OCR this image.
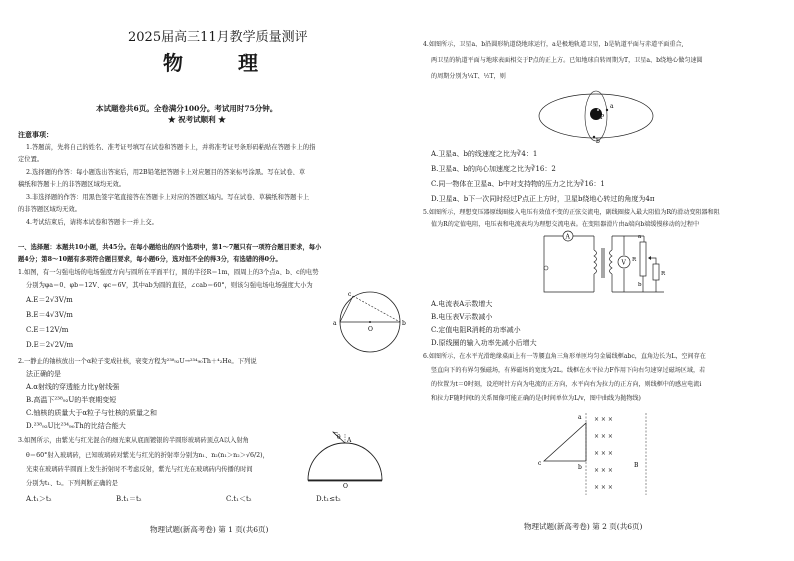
2025届高三11月教学质量测评
物 理
本试题卷共6页。全卷满分100分。考试用时75分钟。
★ 祝考试顺利 ★
注意事项：
1.答题前，先将自己的姓名、准考证号填写在试卷和答题卡上，并将准考证号条形码粘贴在答题卡上的指
定位置。
2.选择题的作答：每小题选出答案后，用2B铅笔把答题卡上对应题目的答案标号涂黑。写在试卷、草
稿纸和答题卡上的非答题区域均无效。
3.非选择题的作答：用黑色签字笔直接答在答题卡上对应的答题区域内。写在试卷、草稿纸和答题卡上
的非答题区域均无效。
4.考试结束后，请将本试卷和答题卡一并上交。
一、选择题：本题共10小题，共45分。在每小题给出的四个选项中，第1～7题只有一项符合题目要求，每小
题4分；第8～10题有多项符合题目要求，每小题6分，选对但不全的得3分，有选错的得0分。
1.如图，有一匀强电场的电场强度方向与圆所在平面平行，圆的半径R＝1m，圆周上的3个点a、b、c的电势
分别为φa＝0、φb＝12V、φc＝6V，其中ab为圆的直径，∠cab＝60°，则该匀强电场电场强度大小为
A.E＝2√3V/m
B.E＝4√3V/m
C.E＝12V/m
D.E＝2√2V/m
c
a
O
b
2.一静止的铀核放出一个α粒子变成钍核，衰变方程为²³⁸₉₂U→²³⁴₉₀Th＋⁴₂He。下列说
法正确的是
A.α射线的穿透能力比γ射线强
B.高温下²³⁸₉₂U的半衰期变短
C.铀核的质量大于α粒子与钍核的质量之和
D.²³⁸₉₂U比²³⁴₉₀Th的比结合能大
3.如图所示，由紫光与红光混合的细光束从底面镀银的半圆形玻璃砖顶点A以入射角
θ＝60°射入玻璃砖，已知玻璃砖对紫光与红光的折射率分别为n₁、n₂(n₁＞n₂＞√6/2)，
光束在玻璃砖半圆面上发生折射时不考虑反射，紫光与红光在玻璃砖内传播的时间
分别为t₁、t₂。下列判断正确的是
A.t₁＞t₂	B.t₁＝t₂	C.t₁＜t₂	D.t₁≤t₂
θ A
O
物理试题(新高考卷) 第 1 页(共6页)
4.如图所示，卫星a、b沿圆形轨道绕地球运行，a是极地轨道卫星，b是轨道平面与赤道平面重合,
两卫星的轨道平面与地球表面相交于P点的正上方。已知地球自转周期为T，卫星a、b绕地心做匀速圆
的周期分别为¼T、½T，则
a
b
P
A.卫星a、b的线速度之比为∛4：1
B.卫星a、b的向心加速度之比为∛16：2
C.同一物体在卫星a、b中对支持物的压力之比为∛16：1
D.卫星a、b下一次同时经过P点正上方时，卫星b绕地心转过的角度为4π
5.如图所示，理想变压器原线圈接入电压有效值不变的正弦交流电，副线圈接入最大阻值为R的滑动变阻器和阻
值为R的定值电阻，电压表和电流表均为理想交流电表。在变阻器滑片由a端向b端缓慢移动的过程中
A
V
a
b
R
R
A.电流表A示数增大
B.电压表V示数减小
C.定值电阻R消耗的功率减小
D.原线圈的输入功率先减小后增大
6.如图所示，在水平光滑绝缘桌面上有一等腰直角三角形单匝均匀金属线框abc，直角边长为L，空间存在
竖直向下的有界匀强磁场，有界磁场的宽度为2L。线框在水平拉力F作用下向右匀速穿过磁场区域，若
的位置为t＝0时刻，设逆时针方向为电流的正方向，水平向右为拉力的正方向，则线框中的感应电流i
和拉力F随时间t的关系图像可能正确的是(时间单位为L/v，图中曲线为抛物线)
× × ×
× × ×
× × ×
× × ×
× × ×
c
a
b	B
物理试题(新高考卷) 第 2 页(共6页)
